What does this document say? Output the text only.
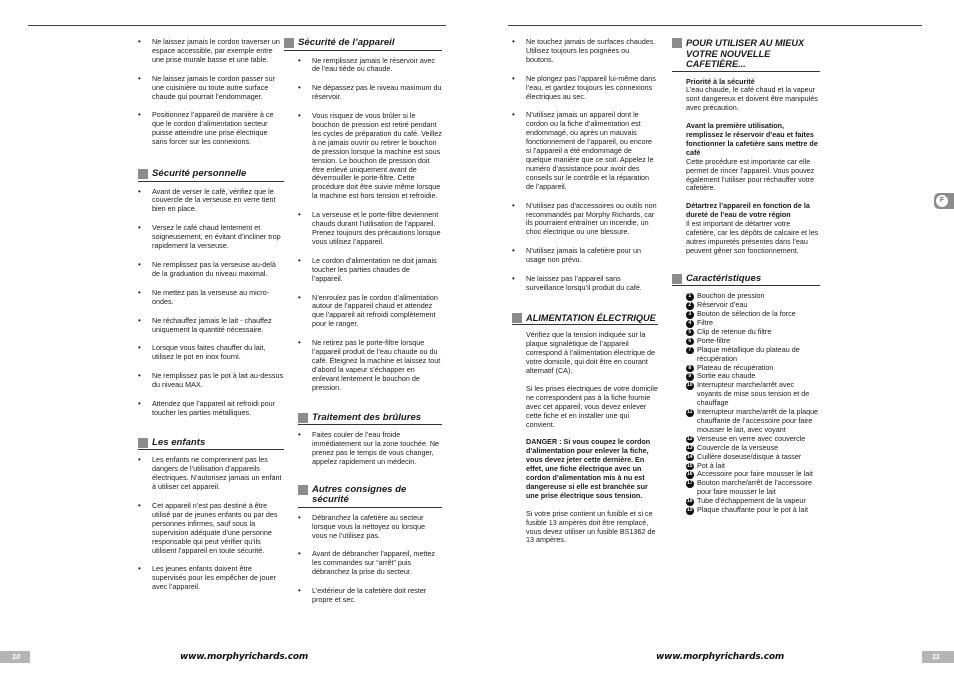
• Ne laissez jamais le cordon traverser un espace accessible, par exemple entre une prise murale basse et une table.
• Ne laissez jamais le cordon passer sur une cuisinière ou toute autre surface chaude qui pourrait l’endommager.
• Positionnez l’appareil de manière à ce que le cordon d’alimentation secteur puisse atteindre une prise électrique sans forcer sur les connexions.
Sécurité personnelle
• Avant de verser le café, vérifiez que le couvercle de la verseuse en verre tient bien en place.
• Versez le café chaud lentement et soigneusement, en évitant d’incliner trop rapidement la verseuse.
• Ne remplissez pas la verseuse au-delà de la graduation du niveau maximal.
• Ne mettez pas la verseuse au micro-ondes.
• Ne réchauffez jamais le lait - chauffez uniquement la quantité nécessaire.
• Lorsque vous faites chauffer du lait, utilisez le pot en inox fourni.
• Ne remplissez pas le pot à lait au-dessus du niveau MAX.
• Attendez que l’appareil ait refroidi pour toucher les parties métalliques.
Les enfants
• Les enfants ne comprennent pas les dangers de l’utilisation d’appareils électriques. N’autorisez jamais un enfant à utiliser cet appareil.
• Cet appareil n’est pas destiné à être utilisé par de jeunes enfants ou par des personnes infirmes, sauf sous la supervision adéquate d’une personne responsable qui peut vérifier qu’ils utilisent l’appareil en toute sécurité.
• Les jeunes enfants doivent être supervisés pour les empêcher de jouer avec l’appareil.
Sécurité de l’appareil
• Ne remplissez jamais le réservoir avec de l’eau tiède ou chaude.
• Ne dépassez pas le niveau maximum du réservoir.
• Vous risquez de vous brûler si le bouchon de pression est retiré pendant les cycles de préparation du café. Veillez à ne jamais ouvrir ou retirer le bouchon de pression lorsque la machine est sous tension. Le bouchon de pression doit être enlevé uniquement avant de déverrouiller le porte-filtre. Cette procédure doit être suivie même lorsque la machine est hors tension et refroidie.
• La verseuse et le porte-filtre deviennent chauds durant l’utilisation de l’appareil. Prenez toujours des précautions lorsque vous utilisez l’appareil.
• Le cordon d’alimentation ne doit jamais toucher les parties chaudes de l’appareil.
• N’enroulez pas le cordon d’alimentation autour de l’appareil chaud et attendez que l’appareil ait refroidi complètement pour le ranger.
• Ne retirez pas le porte-filtre lorsque l’appareil produit de l’eau chaude ou du café. Éteignez la machine et laissez tout d’abord la vapeur s’échapper en enlevant lentement le bouchon de pression.
Traitement des brûlures
• Faites couler de l’eau froide immédiatement sur la zone touchée. Ne prenez pas le temps de vous changer, appelez rapidement un médecin.
Autres consignes de sécurité
• Débranchez la cafetière au secteur lorsque vous la nettoyez ou lorsque vous ne l’utilisez pas.
• Avant de débrancher l’appareil, mettez les commandes sur “arrêt” puis débranchez la prise du secteur.
• L’extérieur de la cafetière doit rester propre et sec.
• Ne touchez jamais de surfaces chaudes. Utilisez toujours les poignées ou boutons.
• Ne plongez pas l’appareil lui-même dans l’eau, et gardez toujours les connexions électriques au sec.
• N’utilisez jamais un appareil dont le cordon ou la fiche d’alimentation est endommagé, ou après un mauvais fonctionnement de l’appareil, ou encore si l’appareil a été endommagé de quelque manière que ce soit. Appelez le numéro d’assistance pour avoir des conseils sur le contrôle et la réparation de l’appareil.
• N’utilisez pas d’accessoires ou outils non recommandés par Morphy Richards, car ils pourraient entraîner un incendie, un choc électrique ou une blessure.
• N’utilisez jamais la cafetière pour un usage non prévu.
• Ne laissez pas l’appareil sans surveillance lorsqu’il produit du café.
ALIMENTATION ÉLECTRIQUE

Vérifiez que la tension indiquée sur la plaque signalétique de l’appareil correspond à l’alimentation électrique de votre domicile, qui doit être en courant alternatif (CA).

Si les prises électriques de votre domicile ne correspondent pas à la fiche fournie avec cet appareil, vous devez enlever cette fiche et en installer une qui convient.

DANGER : Si vous coupez le cordon d’alimentation pour enlever la fiche, vous devez jeter cette dernière. En effet, une fiche électrique avec un cordon d’alimentation mis à nu est dangereuse si elle est branchée sur une prise électrique sous tension.

Si votre prise contient un fusible et si ce fusible 13 ampères doit être remplacé, vous devez utiliser un fusible BS1362 de 13 ampères.

POUR UTILISER AU MIEUX VOTRE NOUVELLE CAFETIÈRE...

Priorité à la sécurité
L’eau chaude, le café chaud et la vapeur sont dangereux et doivent être manipulés avec précaution.

Avant la première utilisation, remplissez le réservoir d’eau et faites fonctionner la cafetière sans mettre de café
Cette procédure est importante car elle permet de rincer l’appareil. Vous pouvez également l’utiliser pour réchauffer votre cafetière.

Détartrez l’appareil en fonction de la dureté de l’eau de votre région
Il est important de détartrer votre cafetière, car les dépôts de calcaire et les autres impuretés présentes dans l’eau peuvent gêner son fonctionnement.

Caractéristiques
1 Bouchon de pression
2 Réservoir d’eau
3 Bouton de sélection de la force
4 Filtre
5 Clip de retenue du filtre
6 Porte-filtre
7 Plaque métallique du plateau de récupération
8 Plateau de récupération
9 Sortie eau chaude
10 Interrupteur marche/arrêt avec voyants de mise sous tension et de chauffage
11 Interrupteur marche/arrêt de la plaque chauffante de l’accessoire pour faire mousser le lait, avec voyant
12 Verseuse en verre avec couvercle
13 Couvercle de la verseuse
14 Cuillère doseuse/disque à tasser
15 Pot à lait
16 Accessoire pour faire mousser le lait
17 Bouton marche/arrêt de l’accessoire pour faire mousser le lait
18 Tube d’échappement de la vapeur
19 Plaque chauffante pour le pot à lait
F
10	www.morphyrichards.com	11
www.morphyrichards.com
